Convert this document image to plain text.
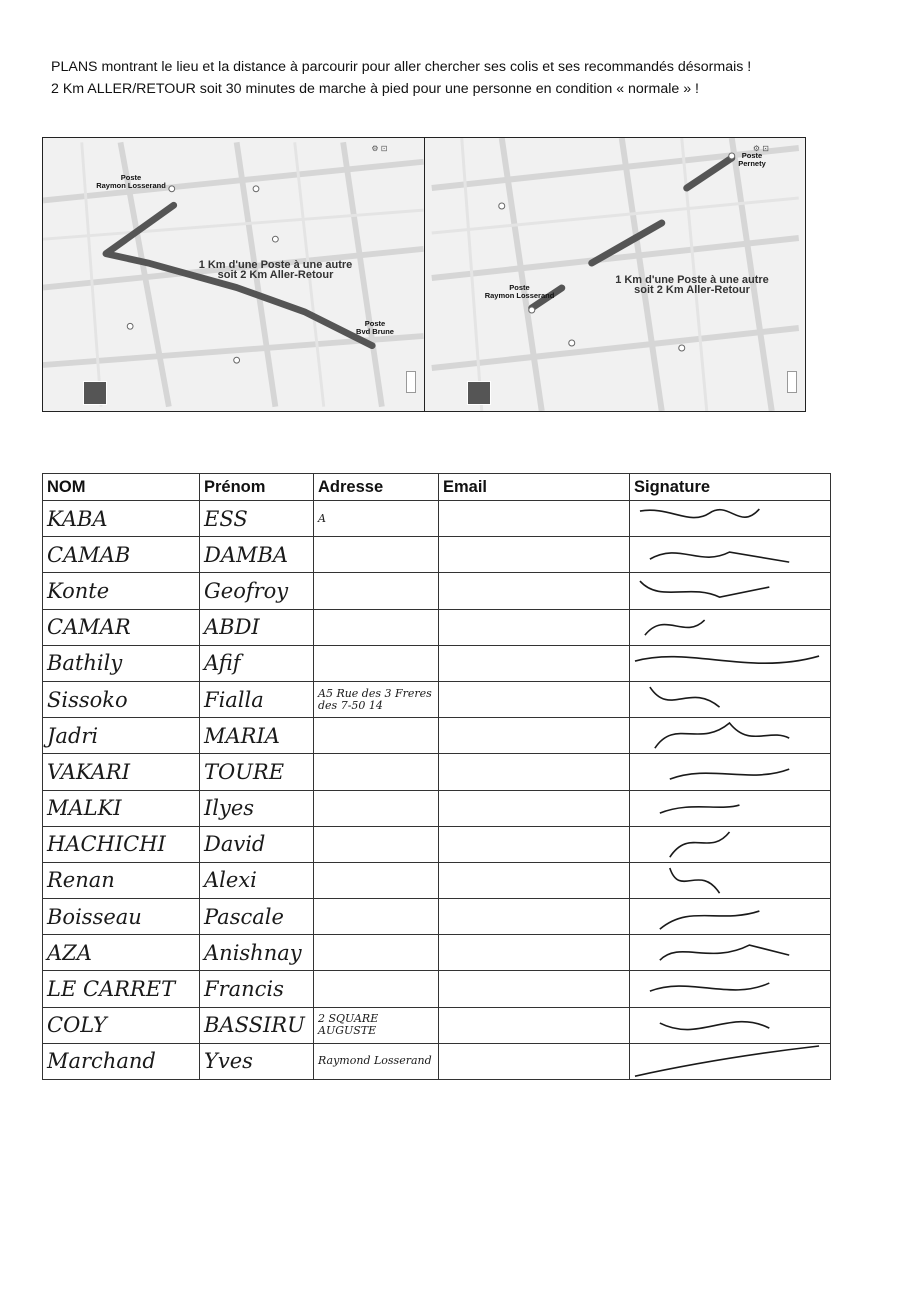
PLANS montrant le lieu et la distance à parcourir pour aller chercher ses colis et ses recommandés désormais !
2 Km ALLER/RETOUR soit 30 minutes de marche à pied pour une personne en condition « normale » !
⚙ ⊡
Poste
Raymon Losserand
Poste
Bvd Brune
1 Km d'une Poste à une autre
soit 2 Km Aller-Retour
⚙ ⊡
Poste
Raymon Losserand
Poste
Pernety
1 Km d'une Poste à une autre
soit 2 Km Aller-Retour
NOM	Prénom	Adresse	Email	Signature
KABA	ESS	A		

CAMAB	DAMBA			

Konte	Geofroy			

CAMAR	ABDI			

Bathily	Afif			

Sissoko	Fialla	A5 Rue des 3 Freres des 7-50 14		

Jadri	MARIA			

VAKARI	TOURE			

MALKI	Ilyes			

HACHICHI	David			

Renan	Alexi			

Boisseau	Pascale			

AZA	Anishnay			

LE CARRET	Francis			

COLY	BASSIRU	2 SQUARE AUGUSTE		

Marchand	Yves	Raymond Losserand		
